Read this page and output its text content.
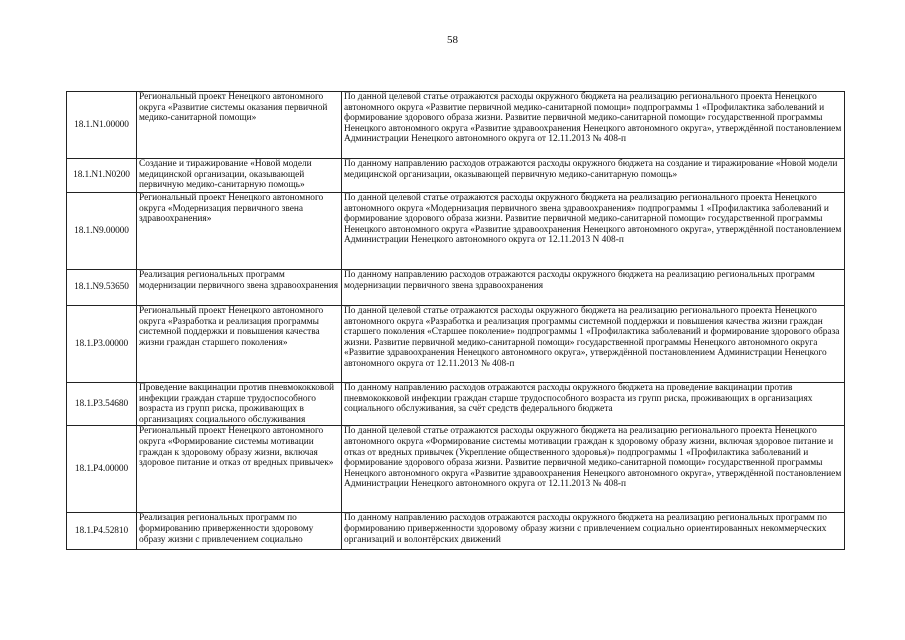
58
18.1.N1.00000	Региональный проект Ненецкого автономного округа «Развитие системы оказания первичной медико-санитарной помощи»	По данной целевой статье отражаются расходы окружного бюджета на реализацию регионального проекта Ненецкого автономного округа «Развитие первичной медико-санитарной помощи» подпрограммы 1 «Профилактика заболеваний и формирование здорового образа жизни. Развитие первичной медико-санитарной помощи» государственной программы Ненецкого автономного округа «Развитие здравоохранения Ненецкого автономного округа», утверждённой постановлением Администрации Ненецкого автономного округа от 12.11.2013 № 408-п
18.1.N1.N0200	Создание и тиражирование «Новой модели медицинской организации, оказывающей первичную медико-санитарную помощь»	По данному направлению расходов отражаются расходы окружного бюджета на создание и тиражирование «Новой модели медицинской организации, оказывающей первичную медико-санитарную помощь»
18.1.N9.00000	Региональный проект Ненецкого автономного округа «Модернизация первичного звена здравоохранения»	По данной целевой статье отражаются расходы окружного бюджета на реализацию регионального проекта Ненецкого автономного округа «Модернизация первичного звена здравоохранения» подпрограммы 1 «Профилактика заболеваний и формирование здорового образа жизни. Развитие первичной медико-санитарной помощи» государственной программы Ненецкого автономного округа «Развитие здравоохранения Ненецкого автономного округа», утверждённой постановлением Администрации Ненецкого автономного округа от 12.11.2013 N 408-п
18.1.N9.53650	Реализация региональных программ модернизации первичного звена здравоохранения	По данному направлению расходов отражаются расходы окружного бюджета на реализацию региональных программ модернизации первичного звена здравоохранения
18.1.P3.00000	Региональный проект Ненецкого автономного округа «Разработка и реализация программы системной поддержки и повышения качества жизни граждан старшего поколения»	По данной целевой статье отражаются расходы окружного бюджета на реализацию регионального проекта Ненецкого автономного округа «Разработка и реализация программы системной поддержки и повышения качества жизни граждан старшего поколения «Старшее поколение» подпрограммы 1 «Профилактика заболеваний и формирование здорового образа жизни. Развитие первичной медико-санитарной помощи» государственной программы Ненецкого автономного округа «Развитие здравоохранения Ненецкого автономного округа», утверждённой постановлением Администрации Ненецкого автономного округа от 12.11.2013 № 408-п
18.1.P3.54680	Проведение вакцинации против пневмококковой инфекции граждан старше трудоспособного возраста из групп риска, проживающих в организациях социального обслуживания	По данному направлению расходов отражаются расходы окружного бюджета на проведение вакцинации против пневмококковой инфекции граждан старше трудоспособного возраста из групп риска, проживающих в организациях социального обслуживания, за счёт средств федерального бюджета
18.1.P4.00000	Региональный проект Ненецкого автономного округа «Формирование системы мотивации граждан к здоровому образу жизни, включая здоровое питание и отказ от вредных привычек»	По данной целевой статье отражаются расходы окружного бюджета на реализацию регионального проекта Ненецкого автономного округа «Формирование системы мотивации граждан к здоровому образу жизни, включая здоровое питание и отказ от вредных привычек (Укрепление общественного здоровья)» подпрограммы 1 «Профилактика заболеваний и формирование здорового образа жизни. Развитие первичной медико-санитарной помощи» государственной программы Ненецкого автономного округа «Развитие здравоохранения Ненецкого автономного округа», утверждённой постановлением Администрации Ненецкого автономного округа от 12.11.2013 № 408-п
18.1.P4.52810	Реализация региональных программ по формированию приверженности здоровому образу жизни с привлечением социально	По данному направлению расходов отражаются расходы окружного бюджета на реализацию региональных программ по формированию приверженности здоровому образу жизни с привлечением социально ориентированных некоммерческих организаций и волонтёрских движений
